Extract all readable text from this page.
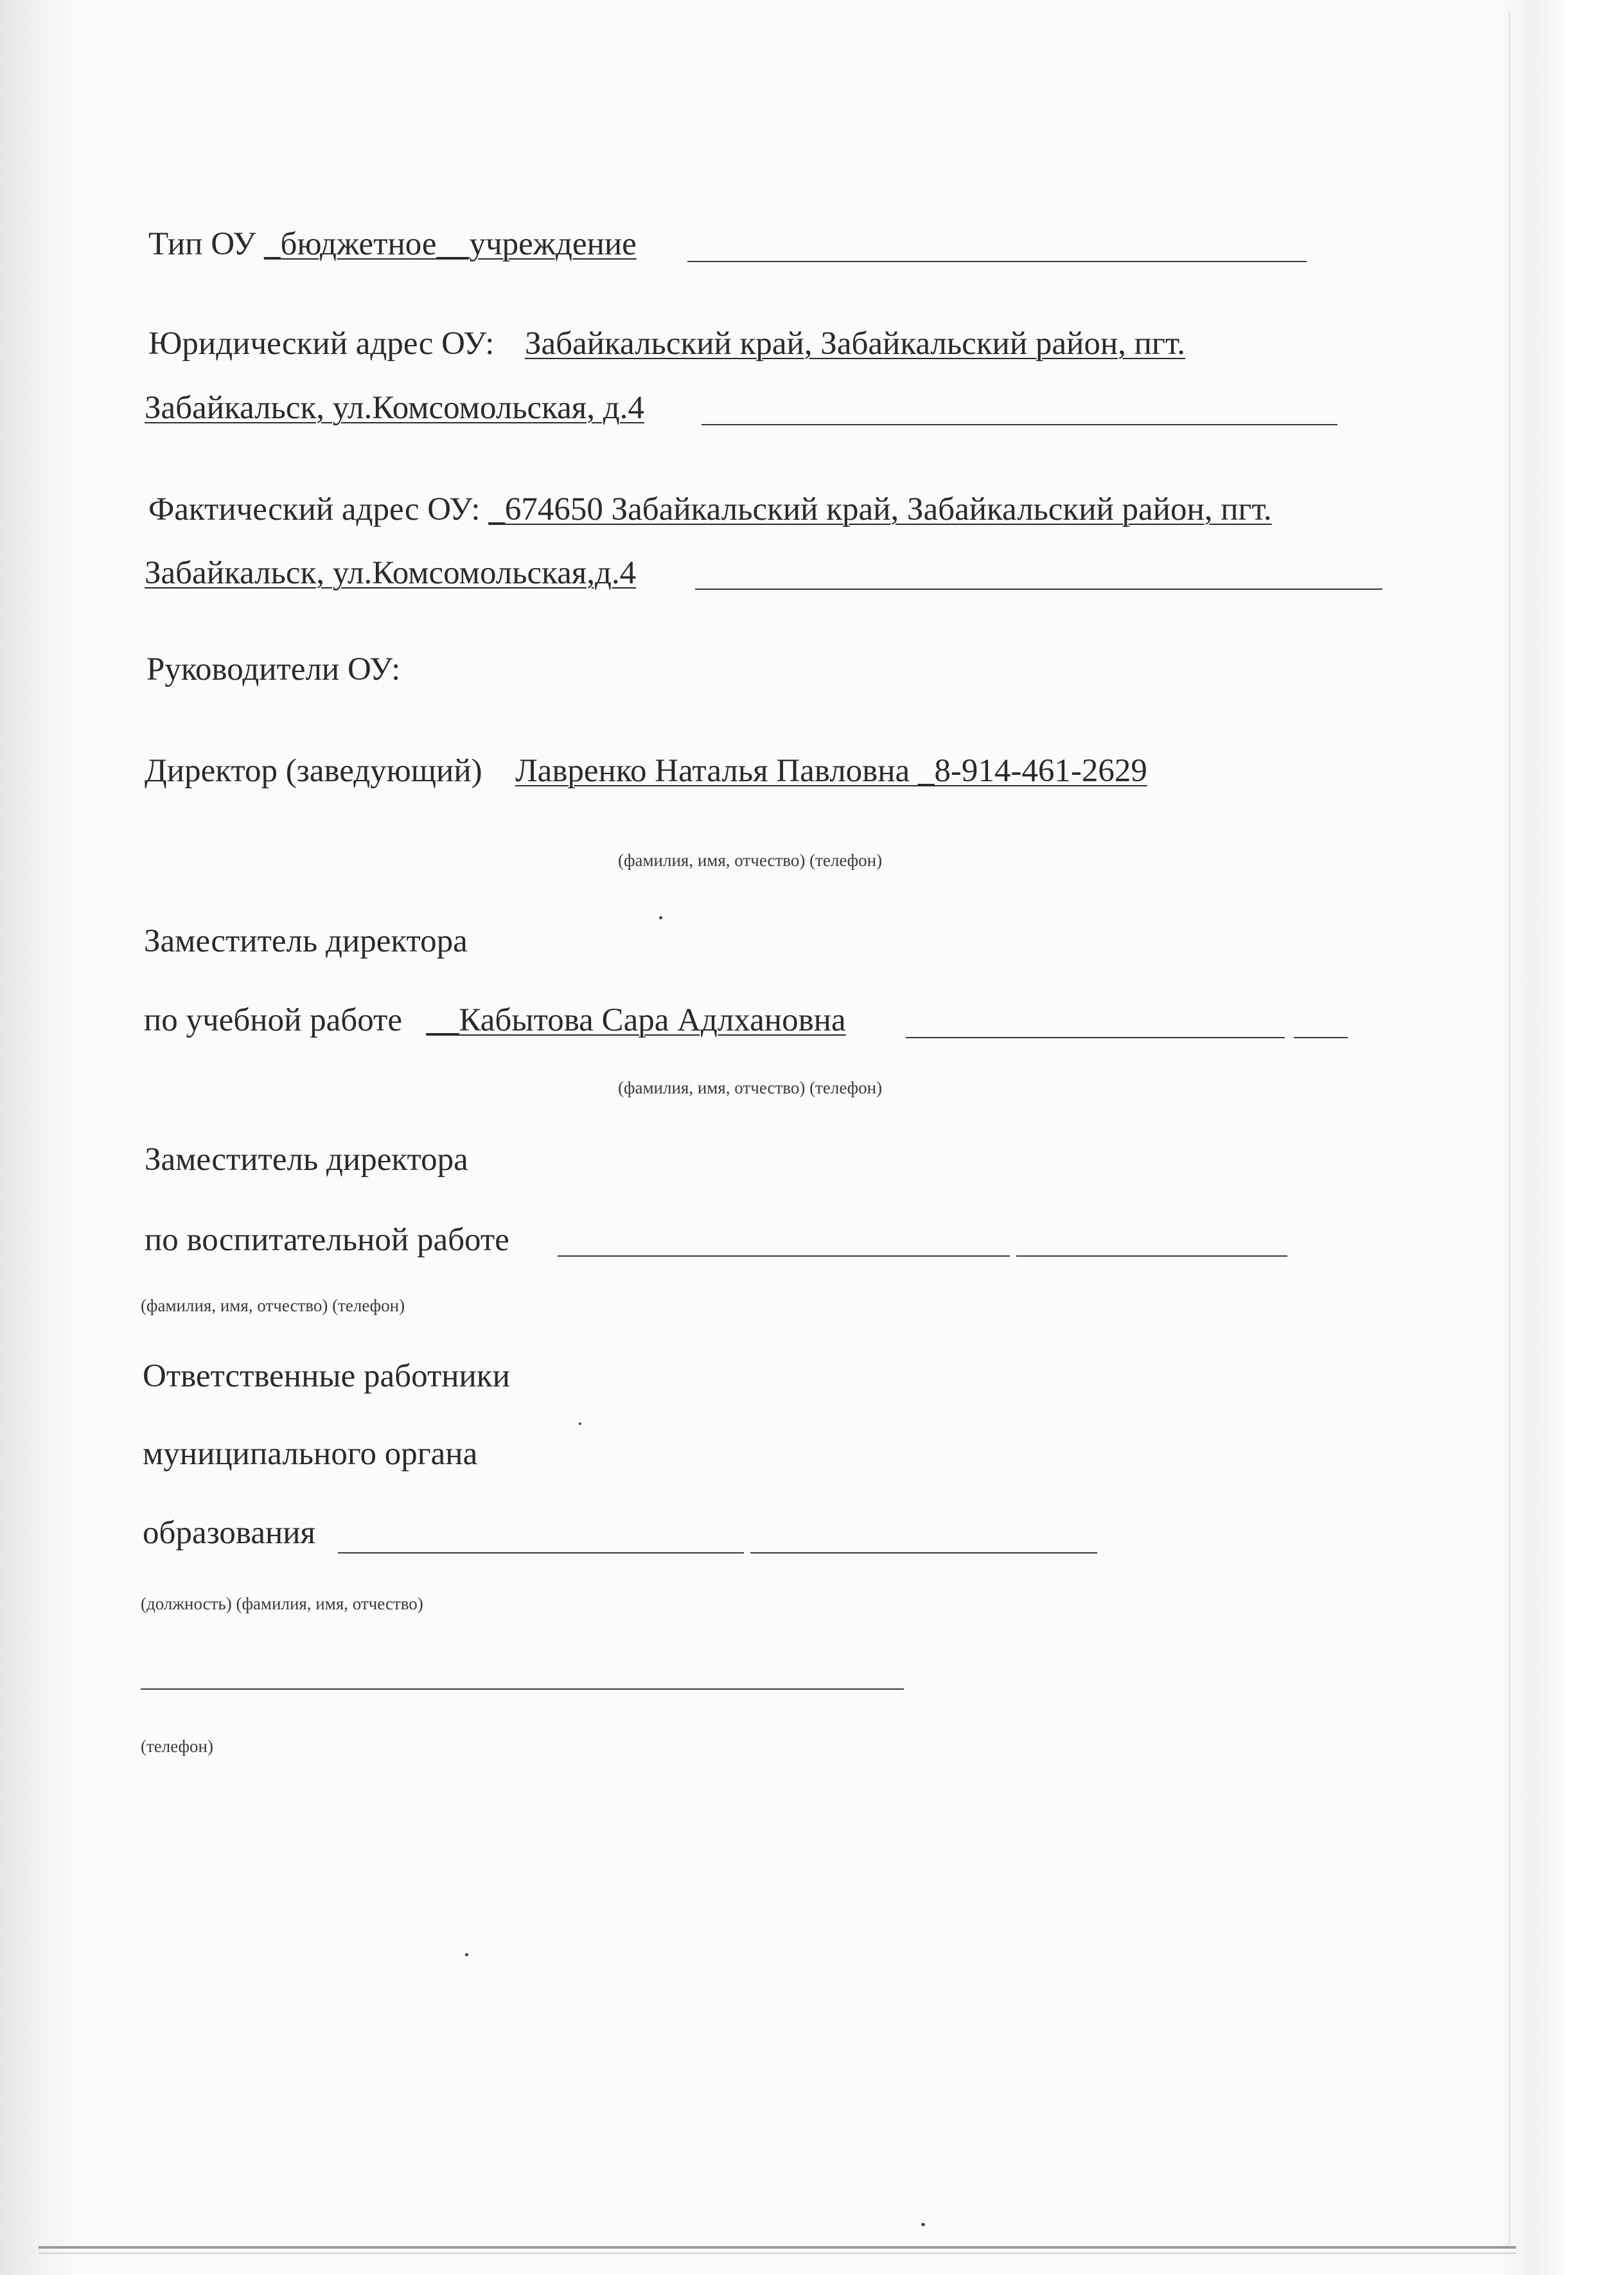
Тип ОУ _бюджетное__учреждение
Юридический адрес ОУ: Забайкальский край, Забайкальский район, пгт.
Забайкальск, ул.Комсомольская, д.4
Фактический адрес ОУ: _674650 Забайкальский край, Забайкальский район, пгт.
Забайкальск, ул.Комсомольская,д.4
Руководители ОУ:
Директор (заведующий) Лавренко Наталья Павловна _8-914-461-2629
(фамилия, имя, отчество) (телефон)
Заместитель директора
по учебной работе __Кабытова Сара Адлхановна
(фамилия, имя, отчество) (телефон)
Заместитель директора
по воспитательной работе
(фамилия, имя, отчество) (телефон)
Ответственные работники
муниципального органа
образования
(должность) (фамилия, имя, отчество)
(телефон)
